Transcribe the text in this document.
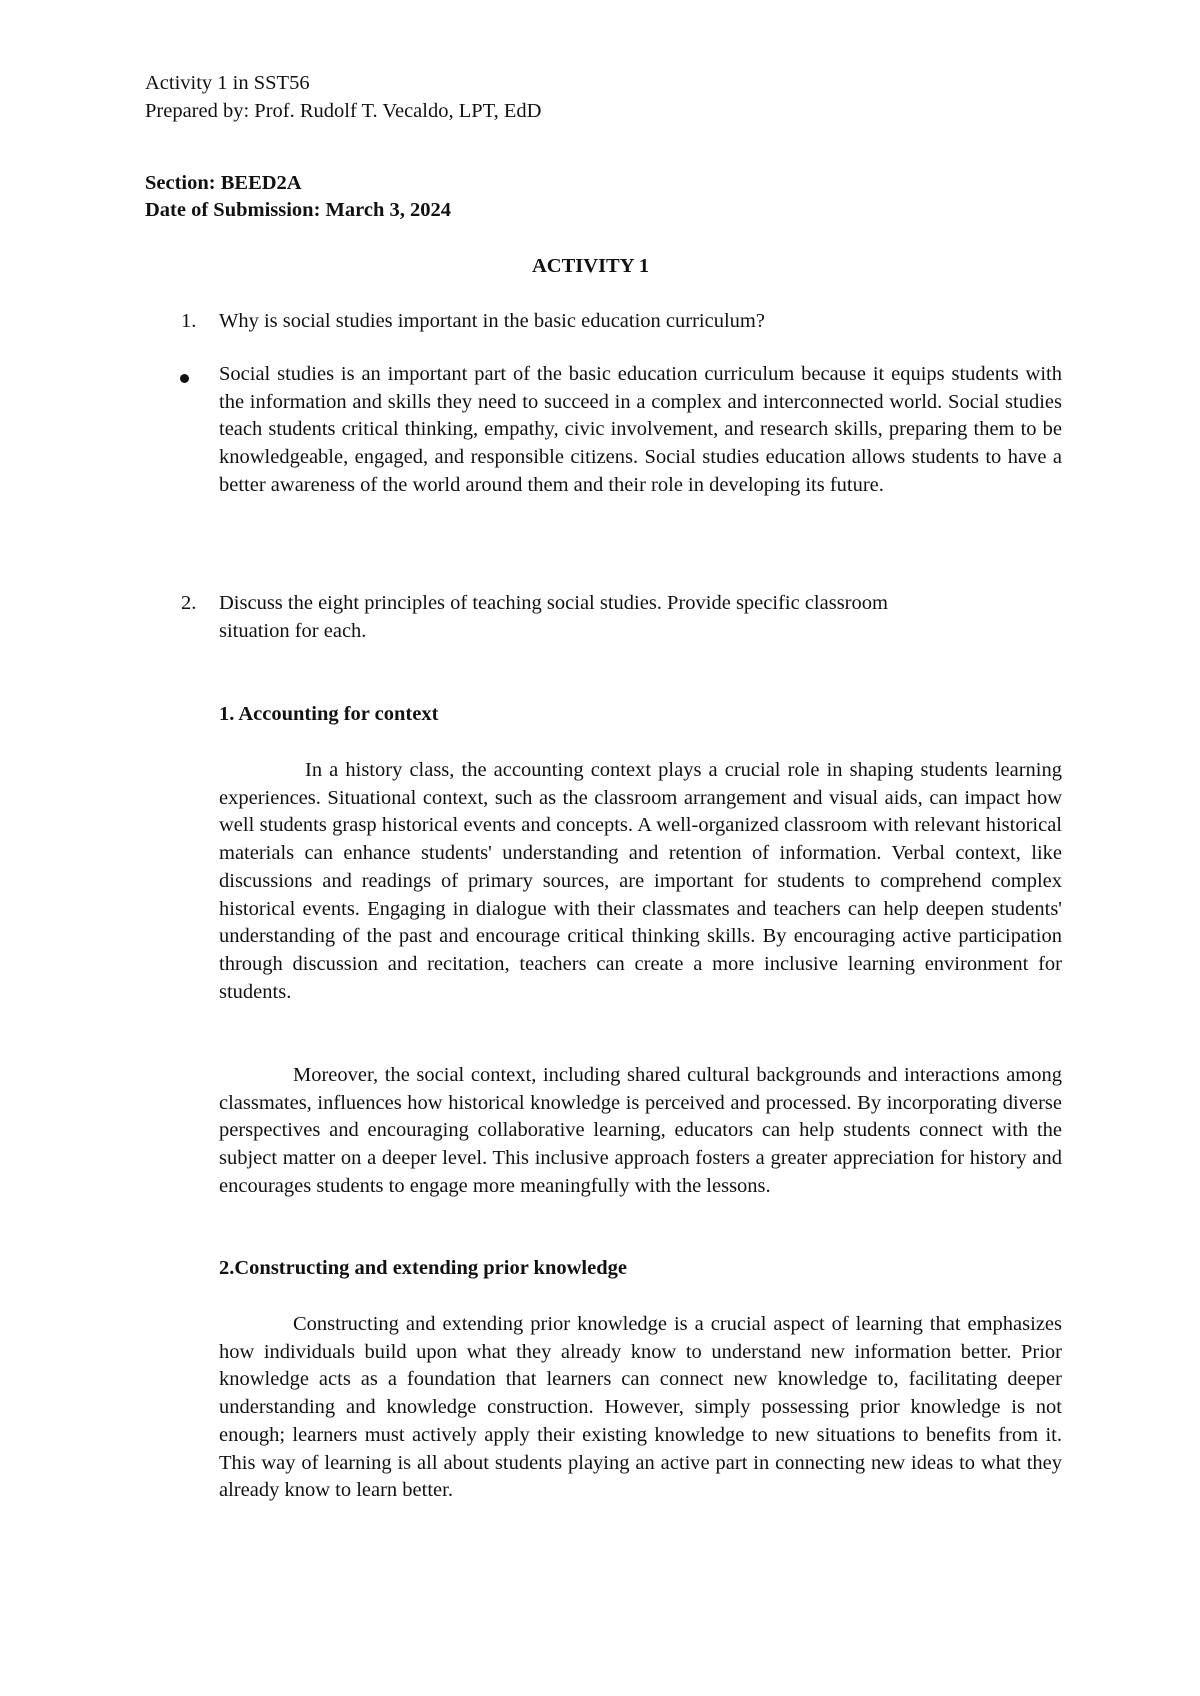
Activity 1 in SST56
Prepared by: Prof. Rudolf T. Vecaldo, LPT, EdD
Section: BEED2A
Date of Submission: March 3, 2024
ACTIVITY 1
1. Why is social studies important in the basic education curriculum?
Social studies is an important part of the basic education curriculum because it equips students with the information and skills they need to succeed in a complex and interconnected world. Social studies teach students critical thinking, empathy, civic involvement, and research skills, preparing them to be knowledgeable, engaged, and responsible citizens. Social studies education allows students to have a better awareness of the world around them and their role in developing its future.
2. Discuss the eight principles of teaching social studies. Provide specific classroom
situation for each.
1. Accounting for context
In a history class, the accounting context plays a crucial role in shaping students learning experiences. Situational context, such as the classroom arrangement and visual aids, can impact how well students grasp historical events and concepts. A well-organized classroom with relevant historical materials can enhance students' understanding and retention of information. Verbal context, like discussions and readings of primary sources, are important for students to comprehend complex historical events. Engaging in dialogue with their classmates and teachers can help deepen students' understanding of the past and encourage critical thinking skills. By encouraging active participation through discussion and recitation, teachers can create a more inclusive learning environment for students.
Moreover, the social context, including shared cultural backgrounds and interactions among classmates, influences how historical knowledge is perceived and processed. By incorporating diverse perspectives and encouraging collaborative learning, educators can help students connect with the subject matter on a deeper level. This inclusive approach fosters a greater appreciation for history and encourages students to engage more meaningfully with the lessons.
2.Constructing and extending prior knowledge
Constructing and extending prior knowledge is a crucial aspect of learning that emphasizes how individuals build upon what they already know to understand new information better. Prior knowledge acts as a foundation that learners can connect new knowledge to, facilitating deeper understanding and knowledge construction. However, simply possessing prior knowledge is not enough; learners must actively apply their existing knowledge to new situations to benefits from it. This way of learning is all about students playing an active part in connecting new ideas to what they already know to learn better.
